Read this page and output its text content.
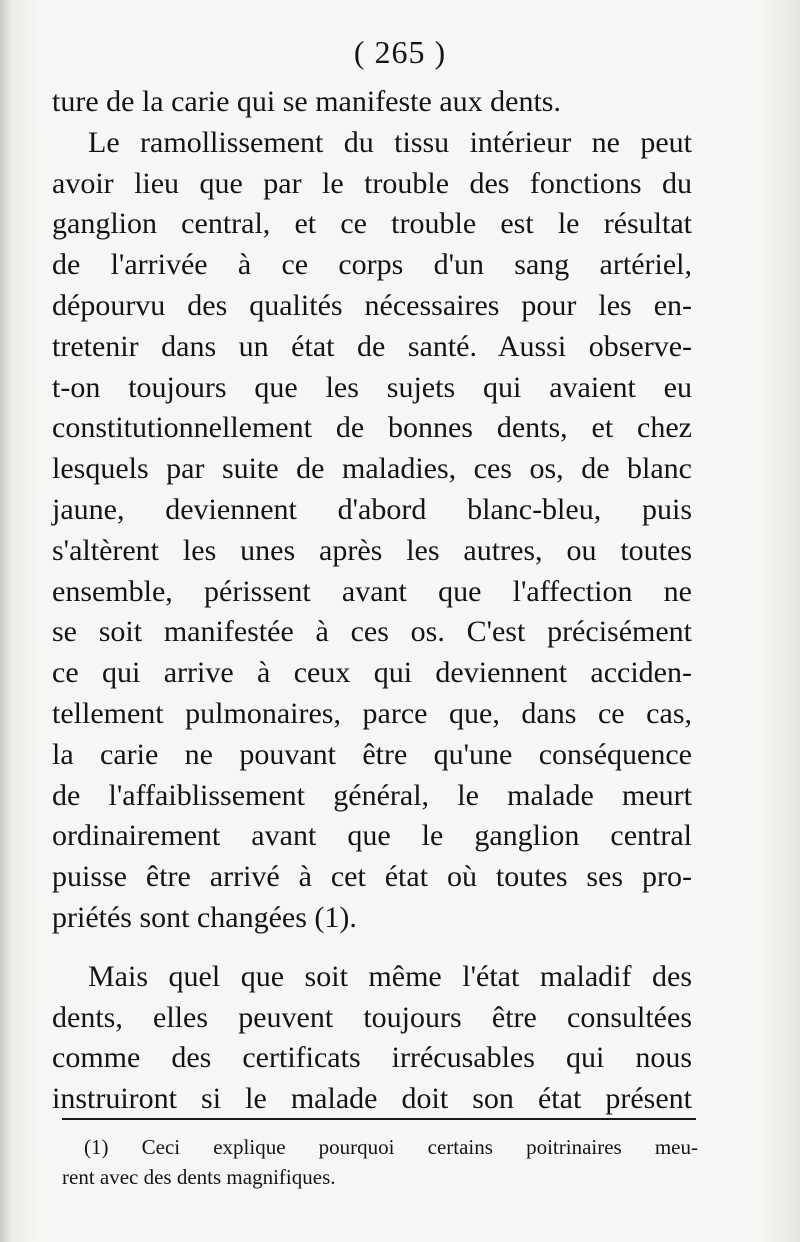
( 265 )
ture de la carie qui se manifeste aux dents.
Le ramollissement du tissu intérieur ne peut
avoir lieu que par le trouble des fonctions du
ganglion central, et ce trouble est le résultat
de l'arrivée à ce corps d'un sang artériel,
dépourvu des qualités nécessaires pour les en-
tretenir dans un état de santé. Aussi observe-
t-on toujours que les sujets qui avaient eu
constitutionnellement de bonnes dents, et chez
lesquels par suite de maladies, ces os, de blanc
jaune, deviennent d'abord blanc-bleu, puis
s'altèrent les unes après les autres, ou toutes
ensemble, périssent avant que l'affection ne
se soit manifestée à ces os. C'est précisément
ce qui arrive à ceux qui deviennent acciden-
tellement pulmonaires, parce que, dans ce cas,
la carie ne pouvant être qu'une conséquence
de l'affaiblissement général, le malade meurt
ordinairement avant que le ganglion central
puisse être arrivé à cet état où toutes ses pro-
priétés sont changées (1).
Mais quel que soit même l'état maladif des
dents, elles peuvent toujours être consultées
comme des certificats irrécusables qui nous
instruiront si le malade doit son état présent
(1) Ceci explique pourquoi certains poitrinaires meu-
rent avec des dents magnifiques.
